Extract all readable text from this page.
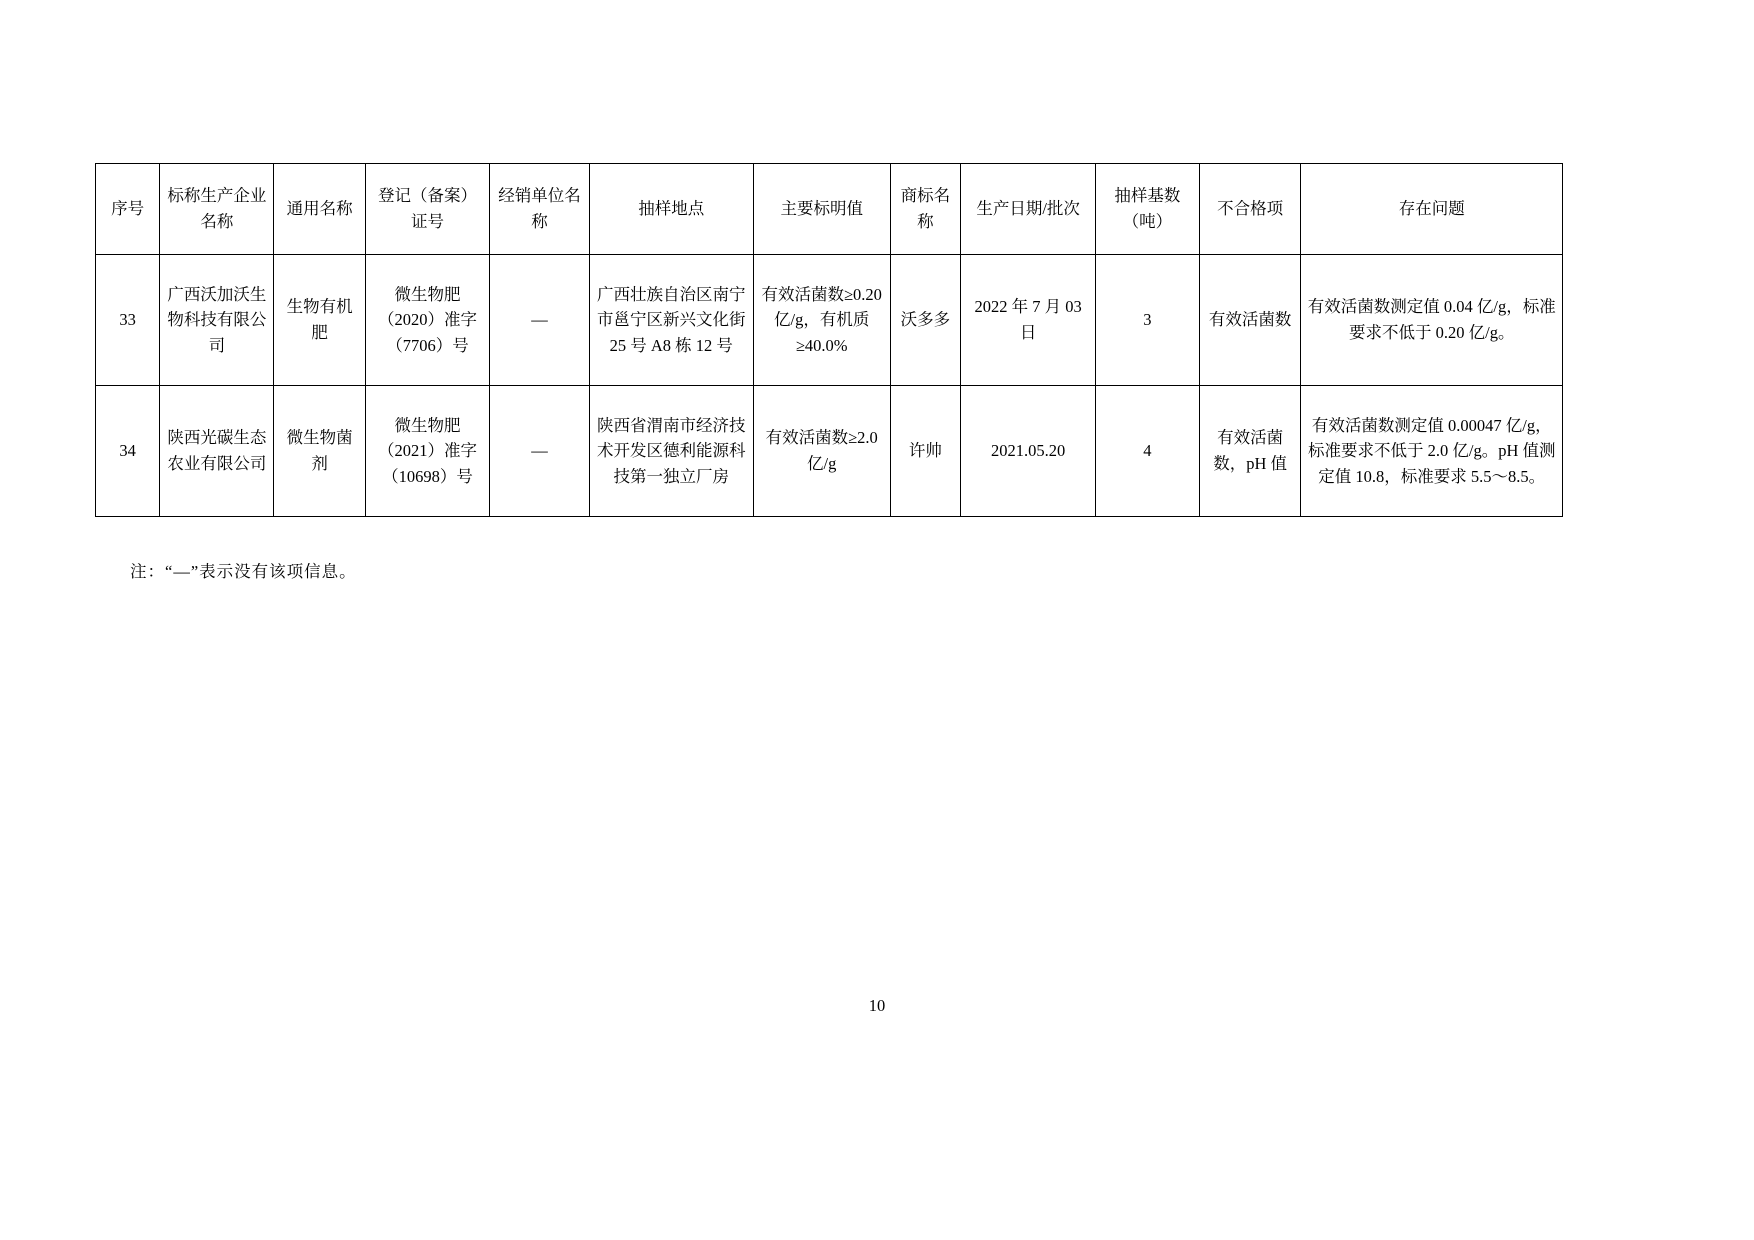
序号	标称生产企业名称	通用名称	登记（备案）证号	经销单位名称	抽样地点	主要标明值	商标名称	生产日期/批次	抽样基数（吨）	不合格项	存在问题
33	广西沃加沃生物科技有限公司	生物有机肥	微生物肥（2020）准字（7706）号	—	广西壮族自治区南宁市邕宁区新兴文化街 25 号 A8 栋 12 号	有效活菌数≥0.20 亿/g，有机质≥40.0%	沃多多	2022 年 7 月 03 日	3	有效活菌数	有效活菌数测定值 0.04 亿/g，标准要求不低于 0.20 亿/g。
34	陕西光碳生态农业有限公司	微生物菌剂	微生物肥（2021）准字（10698）号	—	陕西省渭南市经济技术开发区德利能源科技第一独立厂房	有效活菌数≥2.0 亿/g	许帅	2021.05.20	4	有效活菌数，pH 值	有效活菌数测定值 0.00047 亿/g，标准要求不低于 2.0 亿/g。pH 值测定值 10.8，标准要求 5.5～8.5。
注：“—”表示没有该项信息。
10
